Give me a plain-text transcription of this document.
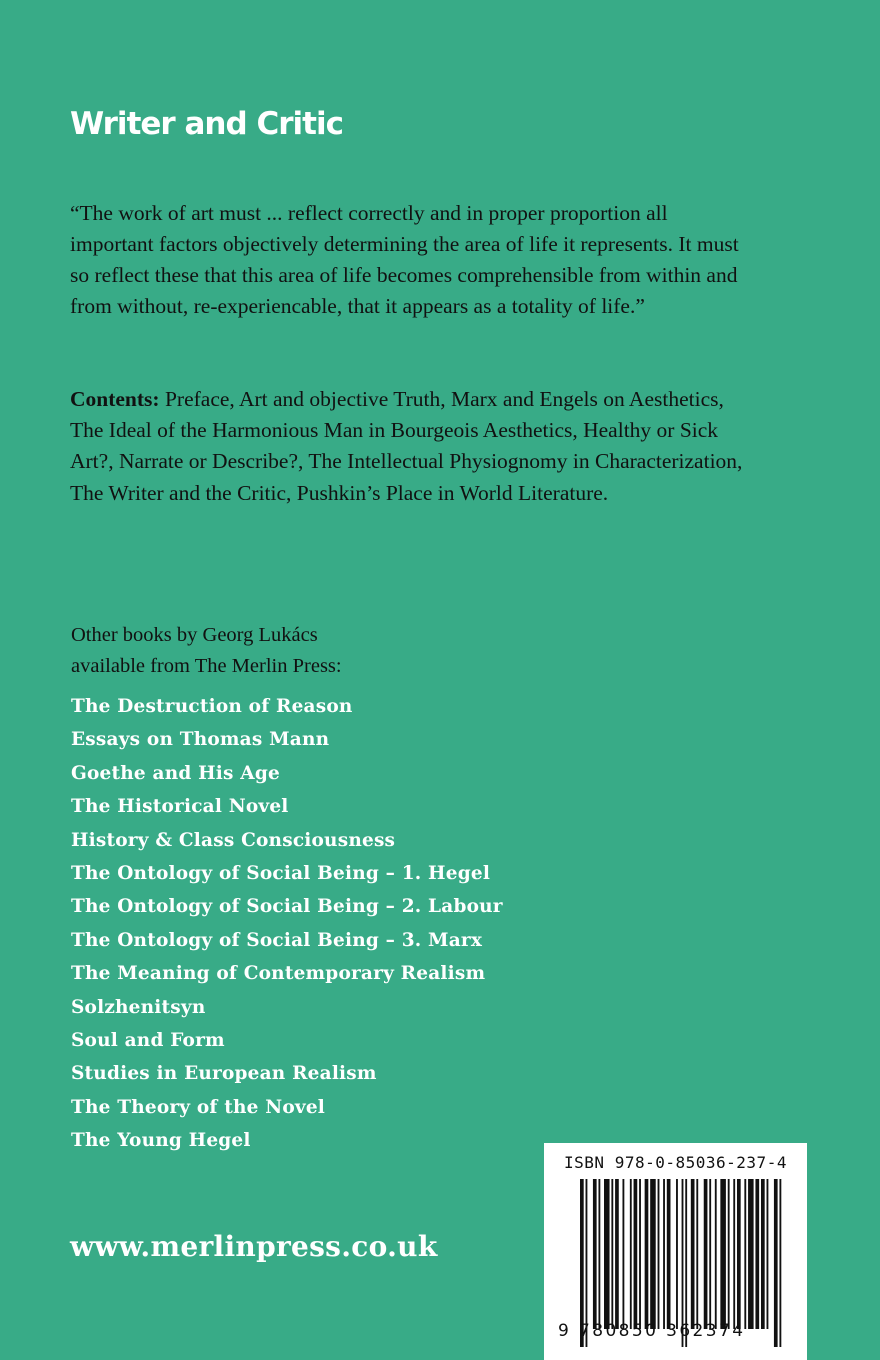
Writer and Critic

“The work of art must ... reflect correctly and in proper proportion all important factors objectively determining the area of life it represents. It must so reflect these that this area of life becomes comprehensible from within and from without, re-experiencable, that it appears as a totality of life.”

Contents: Preface, Art and objective Truth, Marx and Engels on Aesthetics, The Ideal of the Harmonious Man in Bourgeois Aesthetics, Healthy or Sick Art?, Narrate or Describe?, The Intellectual Physiognomy in Characterization, The Writer and the Critic, Pushkin’s Place in World Literature.

Other books by Georg Lukács
available from The Merlin Press:

The Destruction of Reason
Essays on Thomas Mann
Goethe and His Age
The Historical Novel
History & Class Consciousness
The Ontology of Social Being – 1. Hegel
The Ontology of Social Being – 2. Labour
The Ontology of Social Being – 3. Marx
The Meaning of Contemporary Realism
Solzhenitsyn
Soul and Form
Studies in European Realism
The Theory of the Novel
The Young Hegel
www.merlinpress.co.uk
ISBN 978-0-85036-237-4
9 780850 362374
